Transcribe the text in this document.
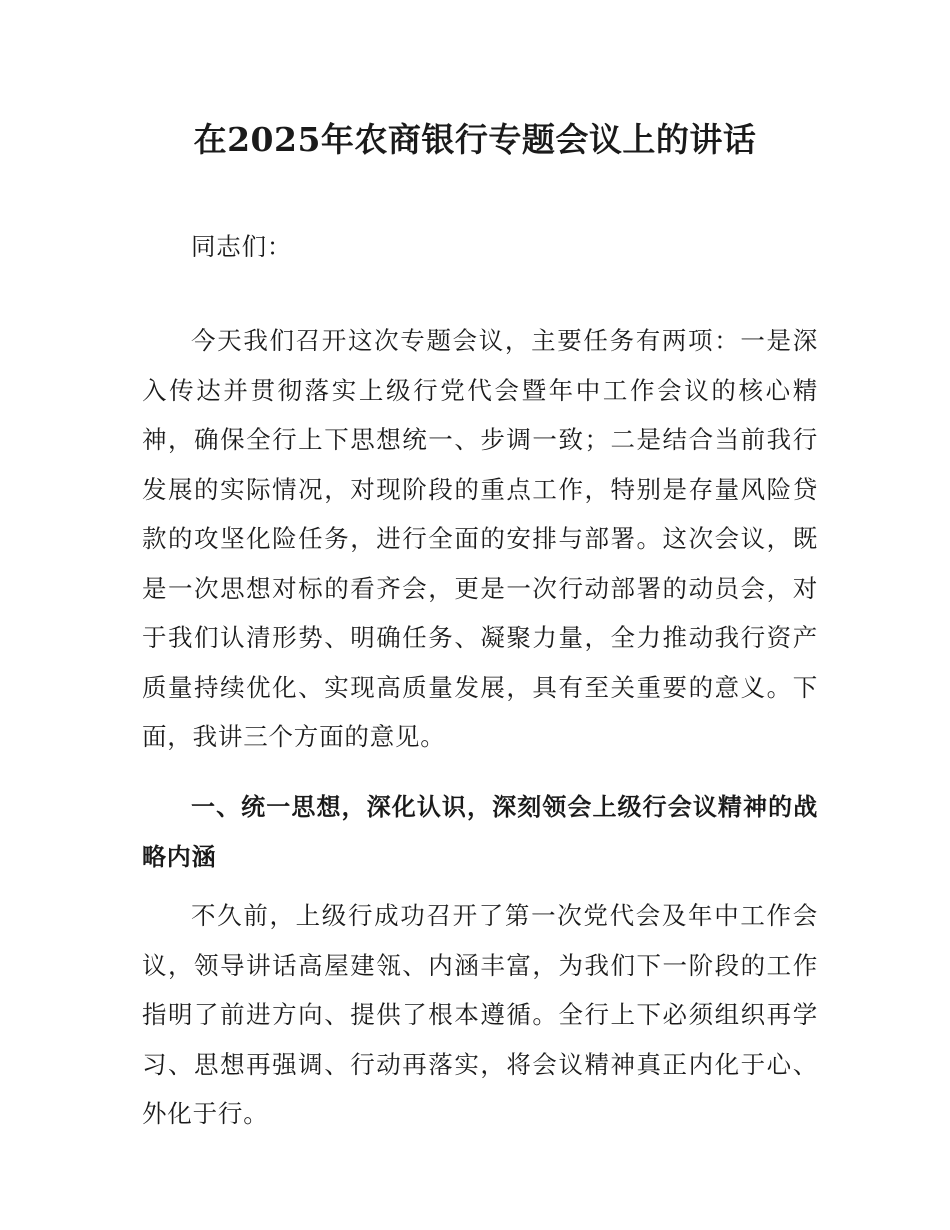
在2025年农商银行专题会议上的讲话

同志们：

今天我们召开这次专题会议，主要任务有两项：一是深入传达并贯彻落实上级行党代会暨年中工作会议的核心精神，确保全行上下思想统一、步调一致；二是结合当前我行发展的实际情况，对现阶段的重点工作，特别是存量风险贷款的攻坚化险任务，进行全面的安排与部署。这次会议，既是一次思想对标的看齐会，更是一次行动部署的动员会，对于我们认清形势、明确任务、凝聚力量，全力推动我行资产质量持续优化、实现高质量发展，具有至关重要的意义。下面，我讲三个方面的意见。

一、统一思想，深化认识，深刻领会上级行会议精神的战略内涵

不久前，上级行成功召开了第一次党代会及年中工作会议，领导讲话高屋建瓴、内涵丰富，为我们下一阶段的工作指明了前进方向、提供了根本遵循。全行上下必须组织再学习、思想再强调、行动再落实，将会议精神真正内化于心、外化于行。
